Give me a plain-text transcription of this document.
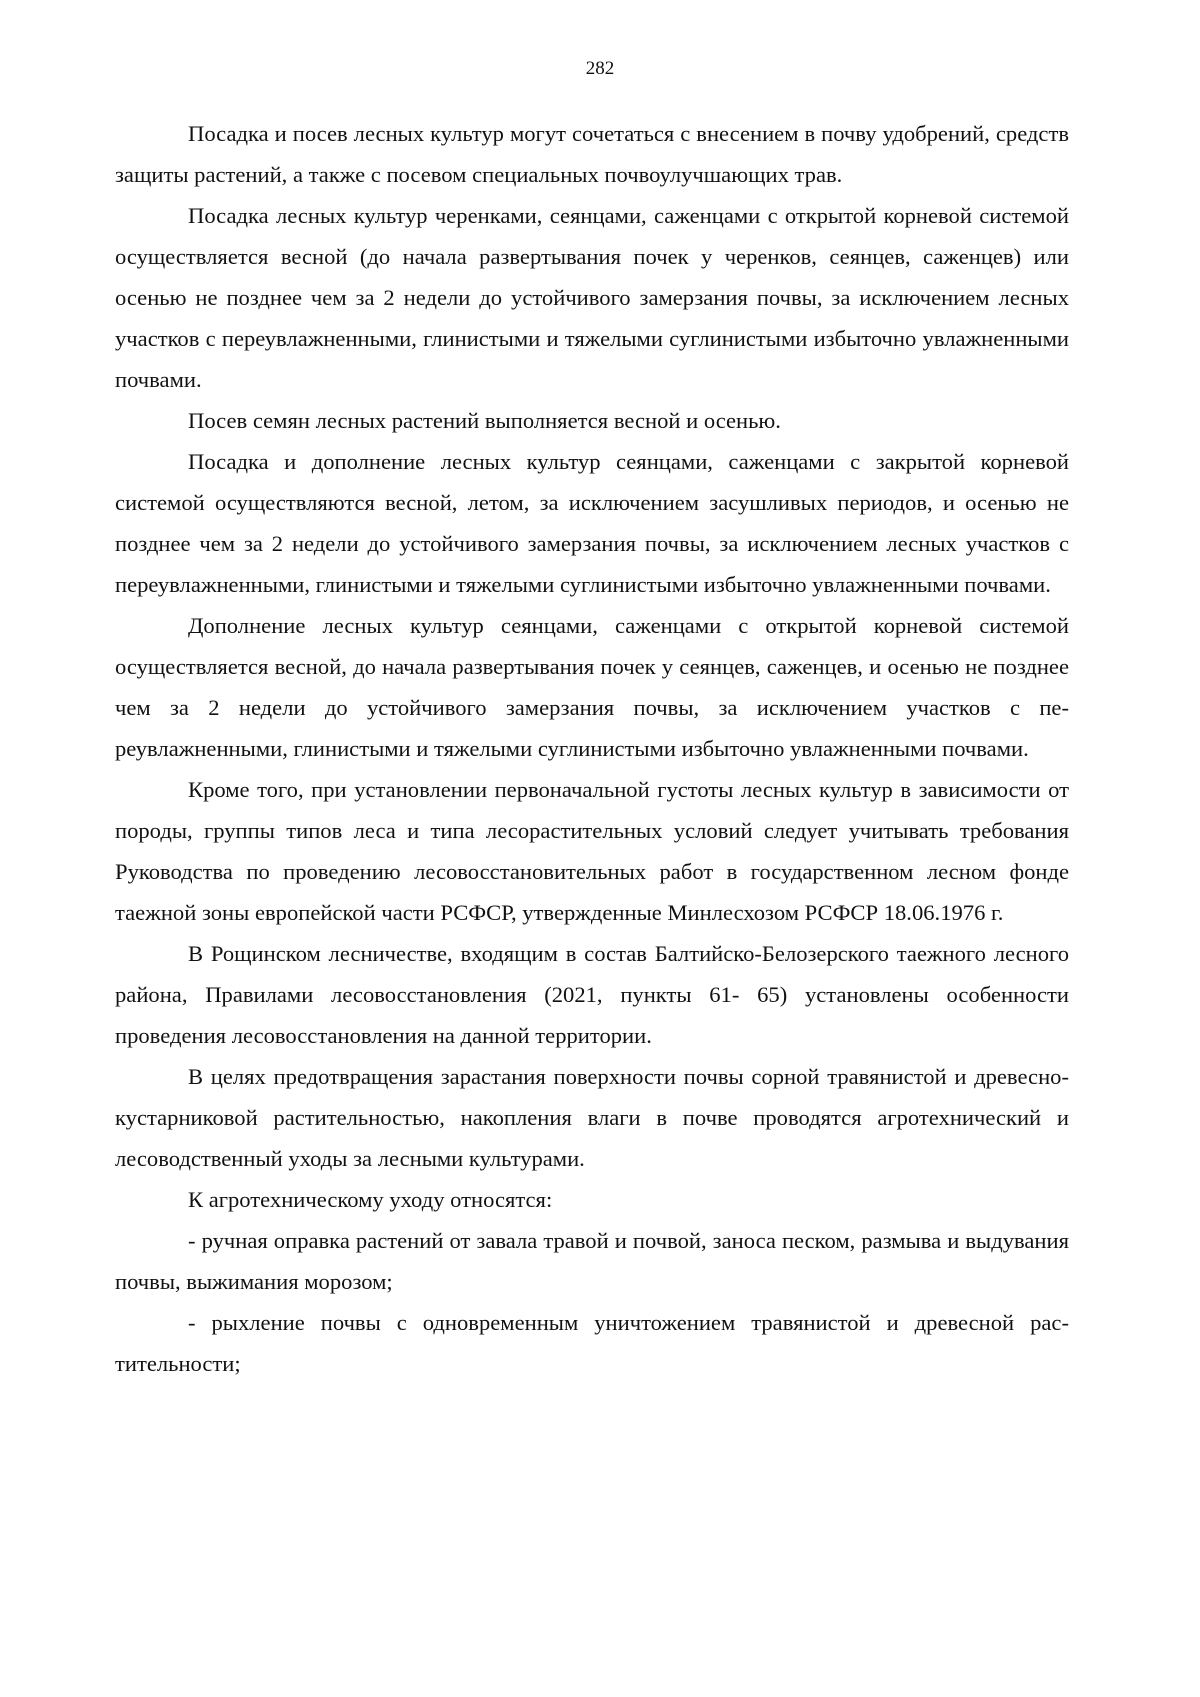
282

Посадка и посев лесных культур могут сочетаться с внесением в почву удобрений, средств защиты растений, а также с посевом специальных почвоулучшающих трав.

Посадка лесных культур черенками, сеянцами, саженцами с открытой корневой системой осуществляется весной (до начала развертывания почек у черенков, сеянцев, саженцев) или осенью не позднее чем за 2 недели до устойчивого замерзания почвы, за исключением лесных участков с переувлажненными, глинистыми и тяжелыми суглинистыми избыточно увлажненными почвами.

Посев семян лесных растений выполняется весной и осенью.

Посадка и дополнение лесных культур сеянцами, саженцами с закрытой корневой системой осуществляются весной, летом, за исключением засушливых периодов, и осенью не позднее чем за 2 недели до устойчивого замерзания почвы, за исключением лесных участков с переувлажненными, глинистыми и тяжелыми суглинистыми избыточно увлажненными почвами.

Дополнение лесных культур сеянцами, саженцами с открытой корневой системой осуществляется весной, до начала развертывания почек у сеянцев, саженцев, и осенью не позднее чем за 2 недели до устойчивого замерзания почвы, за исключением участков с переувлажненными, глинистыми и тяжелыми суглинистыми избыточно увлажненными почвами.

Кроме того, при установлении первоначальной густоты лесных культур в зависимости от породы, группы типов леса и типа лесорастительных условий следует учитывать требования Руководства по проведению лесовосстановительных работ в государственном лесном фонде таежной зоны европейской части РСФСР, утвержденные Минлесхозом РСФСР 18.06.1976 г.

В Рощинском лесничестве, входящим в состав Балтийско-Белозерского таежного лесного района, Правилами лесовосстановления (2021, пункты 61- 65) установлены особенности проведения лесовосстановления на данной территории.

В целях предотвращения зарастания поверхности почвы сорной травянистой и древесно-кустарниковой растительностью, накопления влаги в почве проводятся агротехнический и лесоводственный уходы за лесными культурами.

К агротехническому уходу относятся:

- ручная оправка растений от завала травой и почвой, заноса песком, размыва и выдувания почвы, выжимания морозом;

- рыхление почвы с одновременным уничтожением травянистой и древесной растительности;
